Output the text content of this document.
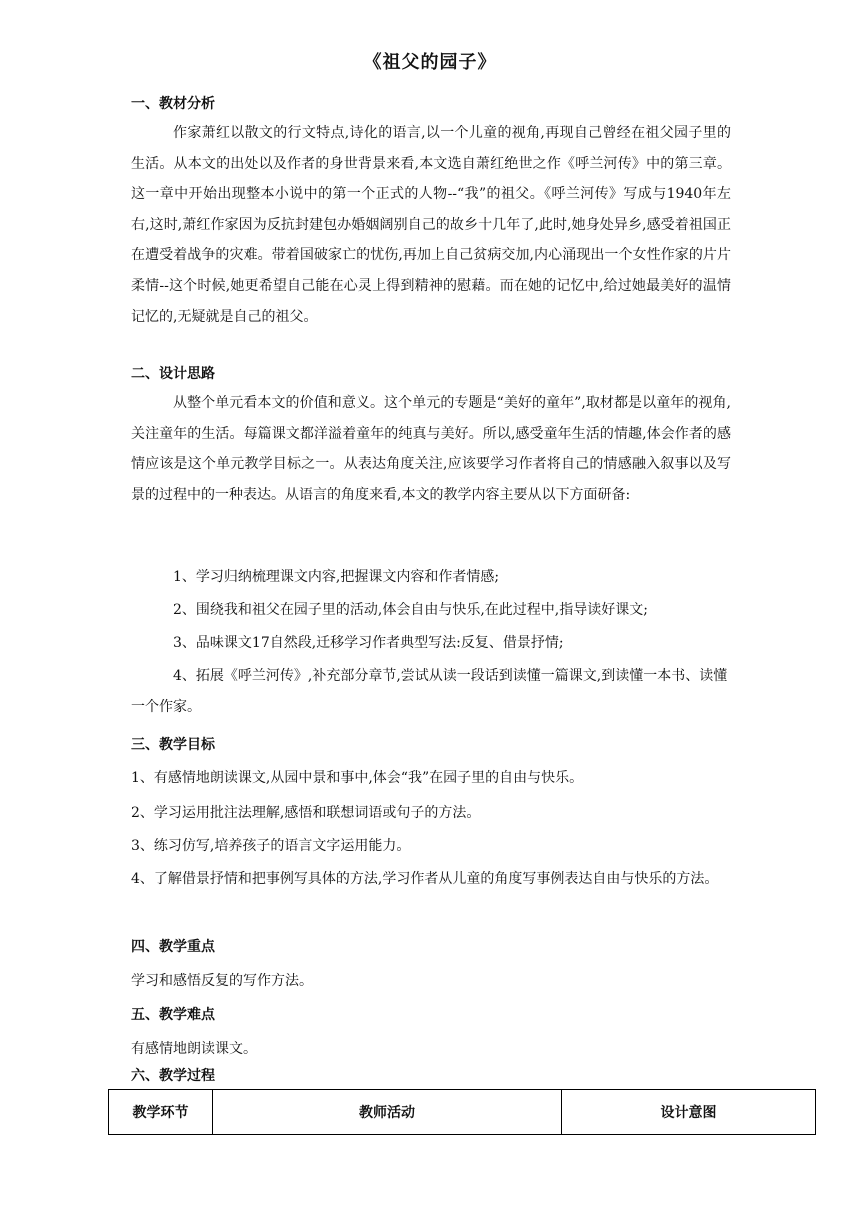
《祖父的园子》
一、教材分析

作家萧红以散文的行文特点,诗化的语言,以一个儿童的视角,再现自己曾经在祖父园子里的生活。从本文的出处以及作者的身世背景来看,本文选自萧红绝世之作《呼兰河传》中的第三章。这一章中开始出现整本小说中的第一个正式的人物--“我”的祖父。《呼兰河传》写成与1940年左右,这时,萧红作家因为反抗封建包办婚姻阔别自己的故乡十几年了,此时,她身处异乡,感受着祖国正在遭受着战争的灾难。带着国破家亡的忧伤,再加上自己贫病交加,内心涌现出一个女性作家的片片柔情--这个时候,她更希望自己能在心灵上得到精神的慰藉。而在她的记忆中,给过她最美好的温情记忆的,无疑就是自己的祖父。

二、设计思路

从整个单元看本文的价值和意义。这个单元的专题是“美好的童年”,取材都是以童年的视角,关注童年的生活。每篇课文都洋溢着童年的纯真与美好。所以,感受童年生活的情趣,体会作者的感情应该是这个单元教学目标之一。从表达角度关注,应该要学习作者将自己的情感融入叙事以及写景的过程中的一种表达。从语言的角度来看,本文的教学内容主要从以下方面研备:

1、学习归纳梳理课文内容,把握课文内容和作者情感;

2、围绕我和祖父在园子里的活动,体会自由与快乐,在此过程中,指导读好课文;

3、品味课文17自然段,迁移学习作者典型写法:反复、借景抒情;

4、拓展《呼兰河传》,补充部分章节,尝试从读一段话到读懂一篇课文,到读懂一本书、读懂一个作家。

三、教学目标

1、有感情地朗读课文,从园中景和事中,体会“我”在园子里的自由与快乐。

2、学习运用批注法理解,感悟和联想词语或句子的方法。

3、练习仿写,培养孩子的语言文字运用能力。

4、了解借景抒情和把事例写具体的方法,学习作者从儿童的角度写事例表达自由与快乐的方法。

四、教学重点

学习和感悟反复的写作方法。

五、教学难点

有感情地朗读课文。

六、教学过程
教学环节	教师活动	设计意图
